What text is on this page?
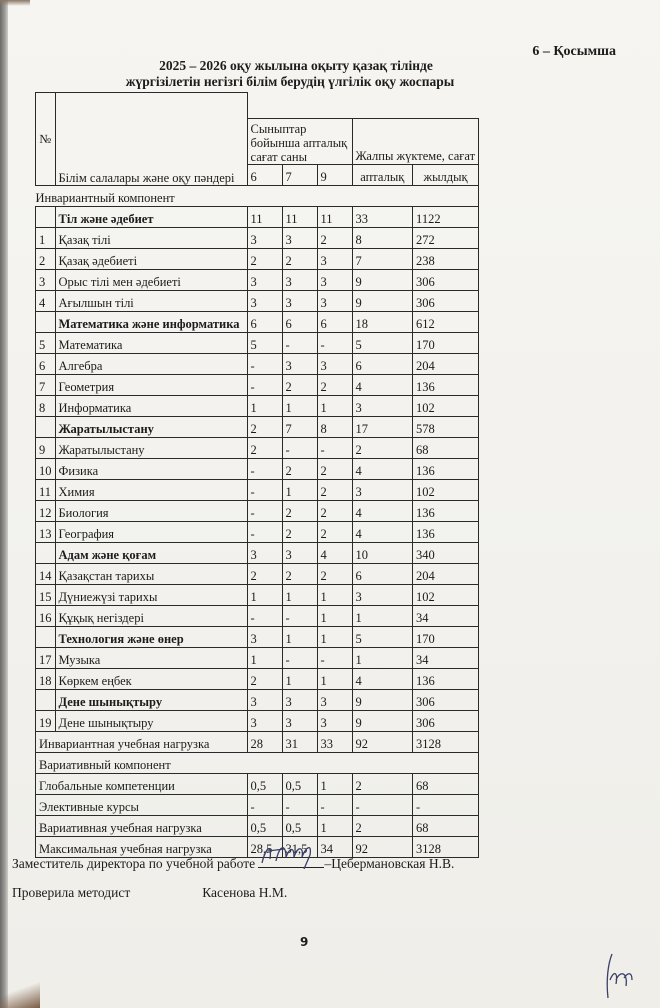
6 – Қосымша
2025 – 2026 оқу жылына оқыту қазақ тілінде
жүргізілетін негізгі білім берудің үлгілік оқу жоспары
№	Білім салалары және оқу пәндері					
		Сыныптар бойынша апталық сағат саны			Жалпы жүктеме, сағат	
		6	7	9	апталық	жылдық
Инвариантный компонент						
	Тіл және әдебиет	11	11	11	33	1122
1	Қазақ тілі	3	3	2	8	272
2	Қазақ әдебиеті	2	2	3	7	238
3	Орыс тілі мен әдебиеті	3	3	3	9	306
4	Ағылшын тілі	3	3	3	9	306
	Математика және информатика	6	6	6	18	612
5	Математика	5	-	-	5	170
6	Алгебра	-	3	3	6	204
7	Геометрия	-	2	2	4	136
8	Информатика	1	1	1	3	102
	Жаратылыстану	2	7	8	17	578
9	Жаратылыстану	2	-	-	2	68
10	Физика	-	2	2	4	136
11	Химия	-	1	2	3	102
12	Биология	-	2	2	4	136
13	География	-	2	2	4	136
	Адам және қоғам	3	3	4	10	340
14	Қазақстан тарихы	2	2	2	6	204
15	Дүниежүзі тарихы	1	1	1	3	102
16	Құқық негіздері	-	-	1	1	34
	Технология және өнер	3	1	1	5	170
17	Музыка	1	-	-	1	34
18	Көркем еңбек	2	1	1	4	136
	Дене шынықтыру	3	3	3	9	306
19	Дене шынықтыру	3	3	3	9	306
Инвариантная учебная нагрузка		28	31	33	92	3128
Вариативный компонент						
Глобальные компетенции		0,5	0,5	1	2	68
Элективные курсы		-	-	-	-	-
Вариативная учебная нагрузка		0,5	0,5	1	2	68
Максимальная учебная нагрузка		28,5	31,5	34	92	3128
Заместитель директора по учебной работе	–Цебермановская Н.В.
Проверила методист	Касенова Н.М.
9
